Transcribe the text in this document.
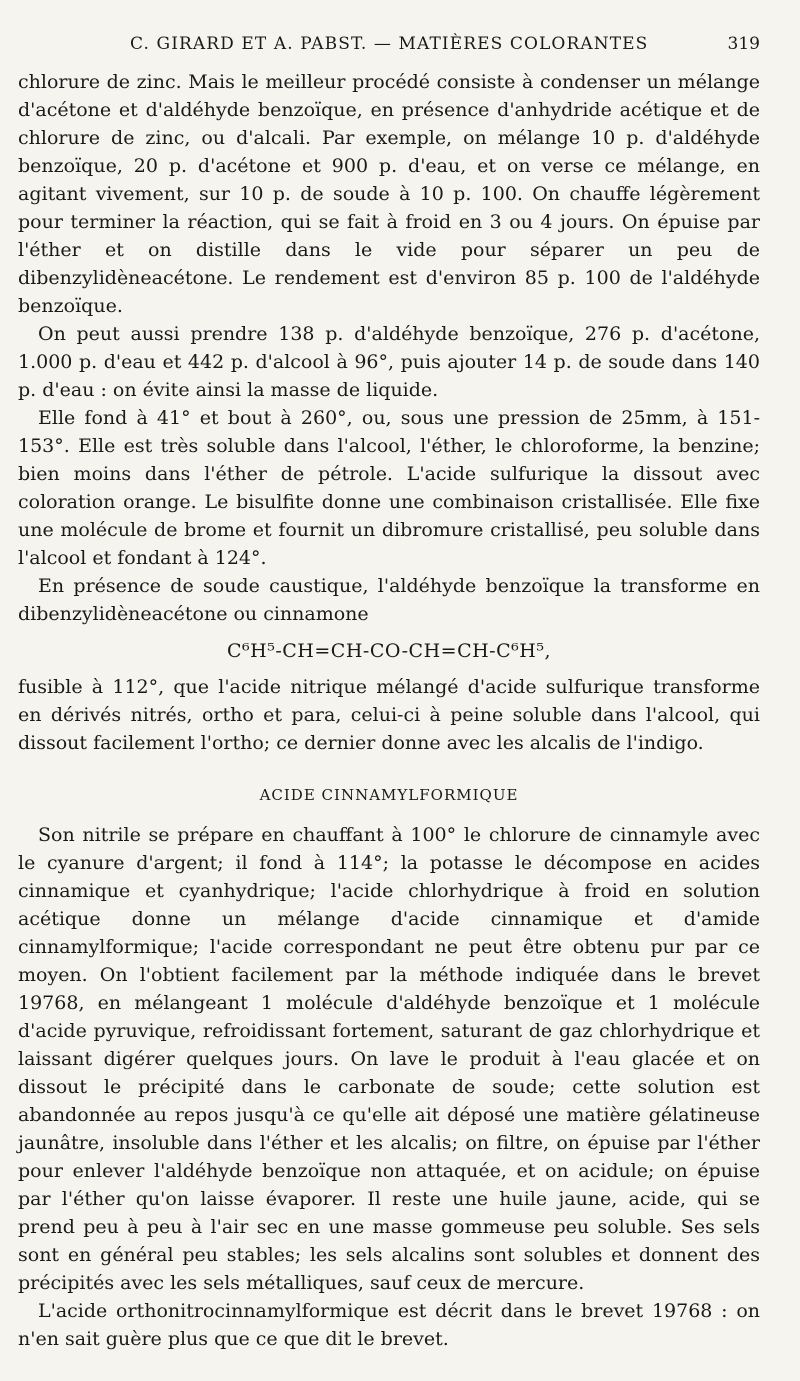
C. GIRARD ET A. PABST. — MATIÈRES COLORANTES	319

chlorure de zinc. Mais le meilleur procédé consiste à condenser un mélange d'acétone et d'aldéhyde benzoïque, en présence d'anhydride acétique et de chlorure de zinc, ou d'alcali. Par exemple, on mélange 10 p. d'aldéhyde benzoïque, 20 p. d'acétone et 900 p. d'eau, et on verse ce mélange, en agitant vivement, sur 10 p. de soude à 10 p. 100. On chauffe légèrement pour terminer la réaction, qui se fait à froid en 3 ou 4 jours. On épuise par l'éther et on distille dans le vide pour séparer un peu de dibenzylidèneacétone. Le rendement est d'environ 85 p. 100 de l'aldéhyde benzoïque.

On peut aussi prendre 138 p. d'aldéhyde benzoïque, 276 p. d'acétone, 1.000 p. d'eau et 442 p. d'alcool à 96°, puis ajouter 14 p. de soude dans 140 p. d'eau : on évite ainsi la masse de liquide.

Elle fond à 41° et bout à 260°, ou, sous une pression de 25mm, à 151-153°. Elle est très soluble dans l'alcool, l'éther, le chloroforme, la benzine; bien moins dans l'éther de pétrole. L'acide sulfurique la dissout avec coloration orange. Le bisulfite donne une combinaison cristallisée. Elle fixe une molécule de brome et fournit un dibromure cristallisé, peu soluble dans l'alcool et fondant à 124°.

En présence de soude caustique, l'aldéhyde benzoïque la transforme en dibenzylidèneacétone ou cinnamone

C⁶H⁵-CH=CH-CO-CH=CH-C⁶H⁵,

fusible à 112°, que l'acide nitrique mélangé d'acide sulfurique transforme en dérivés nitrés, ortho et para, celui-ci à peine soluble dans l'alcool, qui dissout facilement l'ortho; ce dernier donne avec les alcalis de l'indigo.

ACIDE CINNAMYLFORMIQUE

Son nitrile se prépare en chauffant à 100° le chlorure de cinnamyle avec le cyanure d'argent; il fond à 114°; la potasse le décompose en acides cinnamique et cyanhydrique; l'acide chlorhydrique à froid en solution acétique donne un mélange d'acide cinnamique et d'amide cinnamylformique; l'acide correspondant ne peut être obtenu pur par ce moyen. On l'obtient facilement par la méthode indiquée dans le brevet 19768, en mélangeant 1 molécule d'aldéhyde benzoïque et 1 molécule d'acide pyruvique, refroidissant fortement, saturant de gaz chlorhydrique et laissant digérer quelques jours. On lave le produit à l'eau glacée et on dissout le précipité dans le carbonate de soude; cette solution est abandonnée au repos jusqu'à ce qu'elle ait déposé une matière gélatineuse jaunâtre, insoluble dans l'éther et les alcalis; on filtre, on épuise par l'éther pour enlever l'aldéhyde benzoïque non attaquée, et on acidule; on épuise par l'éther qu'on laisse évaporer. Il reste une huile jaune, acide, qui se prend peu à peu à l'air sec en une masse gommeuse peu soluble. Ses sels sont en général peu stables; les sels alcalins sont solubles et donnent des précipités avec les sels métalliques, sauf ceux de mercure.

L'acide orthonitrocinnamylformique est décrit dans le brevet 19768 : on n'en sait guère plus que ce que dit le brevet.
